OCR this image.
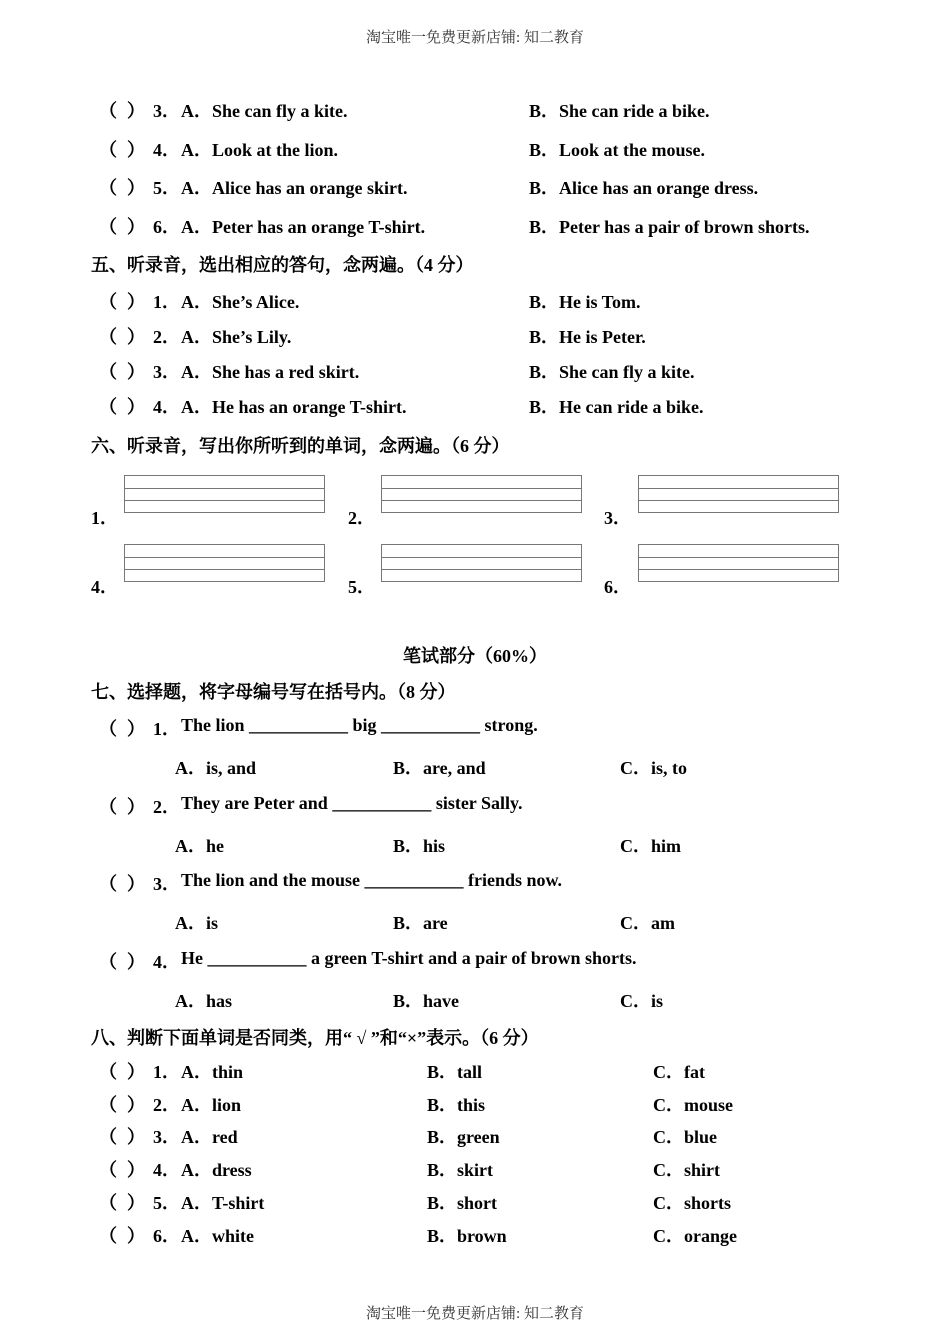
淘宝唯一免费更新店铺: 知二教育
（ ） 3． A．She can fly a kite.	B．She can ride a bike.
（ ） 4． A．Look at the lion.	B．Look at the mouse.
（ ） 5． A．Alice has an orange skirt.	B．Alice has an orange dress.
（ ） 6． A．Peter has an orange T-shirt.	B．Peter has a pair of brown shorts.
五、听录音，选出相应的答句，念两遍。（4 分）
（ ） 1． A．She’s Alice.	B．He is Tom.
（ ） 2． A．She’s Lily.	B．He is Peter.
（ ） 3． A．She has a red skirt.	B．She can fly a kite.
（ ） 4． A．He has an orange T-shirt.	B．He can ride a bike.
六、听录音，写出你所听到的单词，念两遍。（6 分）
1．	2．	3．
4．	5．	6．
笔试部分（60%）
七、选择题，将字母编号写在括号内。（8 分）
（ ） 1． The lion ___________ big ___________ strong.
A．is, and	B．are, and	C．is, to
（ ） 2． They are Peter and ___________ sister Sally.
A．he	B．his	C．him
（ ） 3． The lion and the mouse ___________ friends now.
A．is	B．are	C．am
（ ） 4． He ___________ a green T-shirt and a pair of brown shorts.
A．has	B．have	C．is
八、判断下面单词是否同类，用“ √ ”和“×”表示。（6 分）
（ ） 1． A．thin	B．tall	C．fat
（ ） 2． A．lion	B．this	C．mouse
（ ） 3． A．red	B．green	C．blue
（ ） 4． A．dress	B．skirt	C．shirt
（ ） 5． A．T-shirt	B．short	C．shorts
（ ） 6． A．white	B．brown	C．orange
淘宝唯一免费更新店铺: 知二教育
